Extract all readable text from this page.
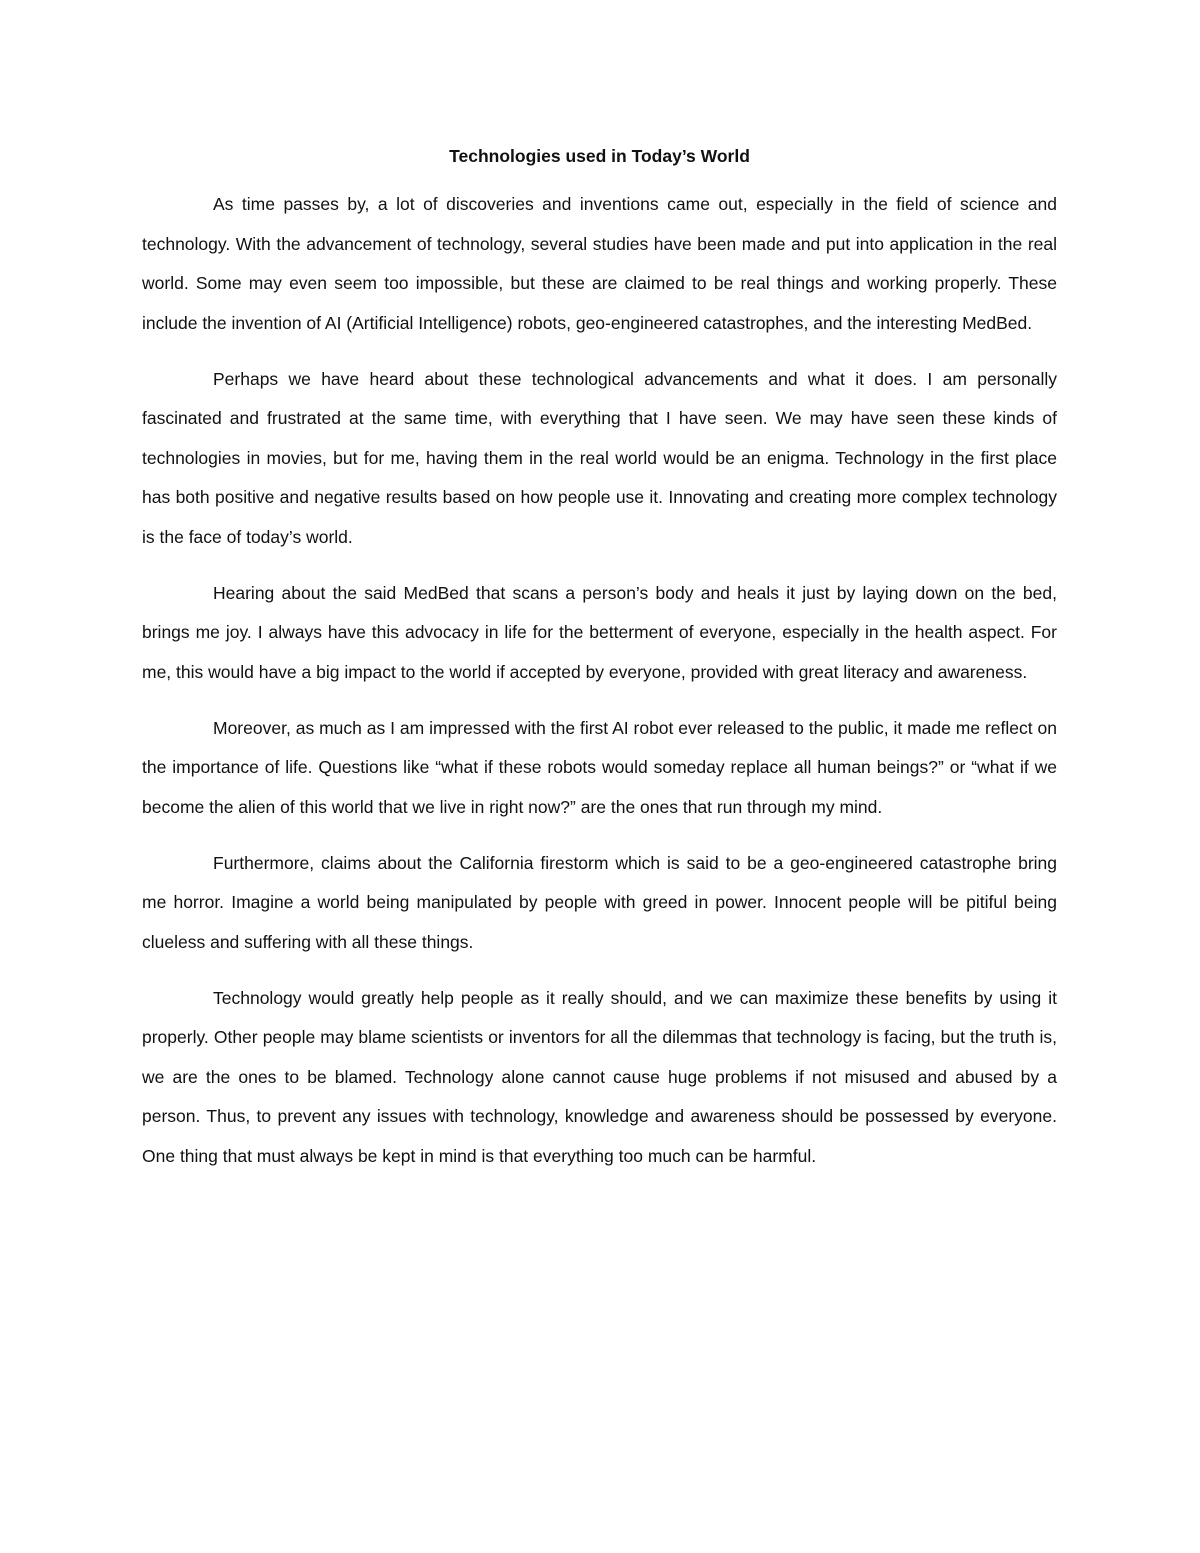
Technologies used in Today’s World

As time passes by, a lot of discoveries and inventions came out, especially in the field of science and technology. With the advancement of technology, several studies have been made and put into application in the real world. Some may even seem too impossible, but these are claimed to be real things and working properly. These include the invention of AI (Artificial Intelligence) robots, geo-engineered catastrophes, and the interesting MedBed.

Perhaps we have heard about these technological advancements and what it does. I am personally fascinated and frustrated at the same time, with everything that I have seen. We may have seen these kinds of technologies in movies, but for me, having them in the real world would be an enigma. Technology in the first place has both positive and negative results based on how people use it. Innovating and creating more complex technology is the face of today’s world.

Hearing about the said MedBed that scans a person’s body and heals it just by laying down on the bed, brings me joy. I always have this advocacy in life for the betterment of everyone, especially in the health aspect. For me, this would have a big impact to the world if accepted by everyone, provided with great literacy and awareness.

Moreover, as much as I am impressed with the first AI robot ever released to the public, it made me reflect on the importance of life. Questions like “what if these robots would someday replace all human beings?” or “what if we become the alien of this world that we live in right now?” are the ones that run through my mind.

Furthermore, claims about the California firestorm which is said to be a geo-engineered catastrophe bring me horror. Imagine a world being manipulated by people with greed in power. Innocent people will be pitiful being clueless and suffering with all these things.

Technology would greatly help people as it really should, and we can maximize these benefits by using it properly. Other people may blame scientists or inventors for all the dilemmas that technology is facing, but the truth is, we are the ones to be blamed. Technology alone cannot cause huge problems if not misused and abused by a person. Thus, to prevent any issues with technology, knowledge and awareness should be possessed by everyone. One thing that must always be kept in mind is that everything too much can be harmful.
